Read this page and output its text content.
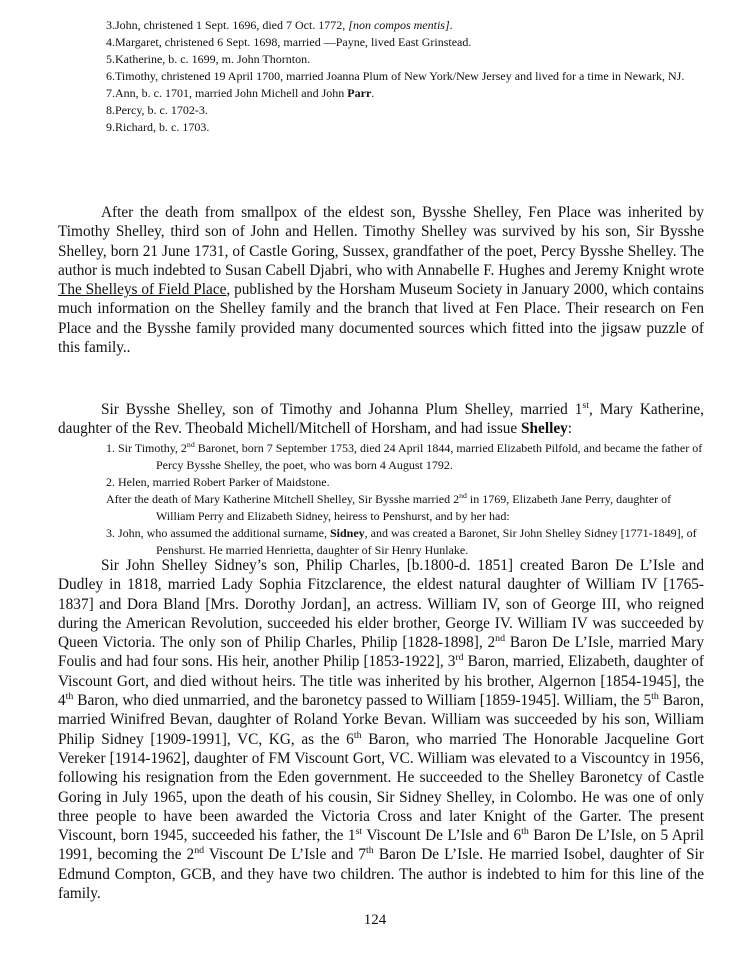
3.John, christened 1 Sept. 1696, died 7 Oct. 1772, [non compos mentis].

4.Margaret, christened 6 Sept. 1698, married —Payne, lived East Grinstead.

5.Katherine, b. c. 1699, m. John Thornton.

6.Timothy, christened 19 April 1700, married Joanna Plum of New York/New Jersey and lived for a time in Newark, NJ.

7.Ann, b. c. 1701, married John Michell and John Parr.

8.Percy, b. c. 1702-3.

9.Richard, b. c. 1703.

After the death from smallpox of the eldest son, Bysshe Shelley, Fen Place was inherited by Timothy Shelley, third son of John and Hellen. Timothy Shelley was survived by his son, Sir Bysshe Shelley, born 21 June 1731, of Castle Goring, Sussex, grandfather of the poet, Percy Bysshe Shelley. The author is much indebted to Susan Cabell Djabri, who with Annabelle F. Hughes and Jeremy Knight wrote The Shelleys of Field Place, published by the Horsham Museum Society in January 2000, which contains much information on the Shelley family and the branch that lived at Fen Place. Their research on Fen Place and the Bysshe family provided many documented sources which fitted into the jigsaw puzzle of this family..

Sir Bysshe Shelley, son of Timothy and Johanna Plum Shelley, married 1st, Mary Katherine, daughter of the Rev. Theobald Michell/Mitchell of Horsham, and had issue Shelley:

1. Sir Timothy, 2nd Baronet, born 7 September 1753, died 24 April 1844, married Elizabeth Pilfold, and became the father of Percy Bysshe Shelley, the poet, who was born 4 August 1792.

2. Helen, married Robert Parker of Maidstone.

After the death of Mary Katherine Mitchell Shelley, Sir Bysshe married 2nd in 1769, Elizabeth Jane Perry, daughter of William Perry and Elizabeth Sidney, heiress to Penshurst, and by her had:

3. John, who assumed the additional surname, Sidney, and was created a Baronet, Sir John Shelley Sidney [1771-1849], of Penshurst. He married Henrietta, daughter of Sir Henry Hunlake.

Sir John Shelley Sidney’s son, Philip Charles, [b.1800-d. 1851] created Baron De L’Isle and Dudley in 1818, married Lady Sophia Fitzclarence, the eldest natural daughter of William IV [1765-1837] and Dora Bland [Mrs. Dorothy Jordan], an actress. William IV, son of George III, who reigned during the American Revolution, succeeded his elder brother, George IV. William IV was succeeded by Queen Victoria. The only son of Philip Charles, Philip [1828-1898], 2nd Baron De L’Isle, married Mary Foulis and had four sons. His heir, another Philip [1853-1922], 3rd Baron, married, Elizabeth, daughter of Viscount Gort, and died without heirs. The title was inherited by his brother, Algernon [1854-1945], the 4th Baron, who died unmarried, and the baronetcy passed to William [1859-1945]. William, the 5th Baron, married Winifred Bevan, daughter of Roland Yorke Bevan. William was succeeded by his son, William Philip Sidney [1909-1991], VC, KG, as the 6th Baron, who married The Honorable Jacqueline Gort Vereker [1914-1962], daughter of FM Viscount Gort, VC. William was elevated to a Viscountcy in 1956, following his resignation from the Eden government. He succeeded to the Shelley Baronetcy of Castle Goring in July 1965, upon the death of his cousin, Sir Sidney Shelley, in Colombo. He was one of only three people to have been awarded the Victoria Cross and later Knight of the Garter. The present Viscount, born 1945, succeeded his father, the 1st Viscount De L’Isle and 6th Baron De L’Isle, on 5 April 1991, becoming the 2nd Viscount De L’Isle and 7th Baron De L’Isle. He married Isobel, daughter of Sir Edmund Compton, GCB, and they have two children. The author is indebted to him for this line of the family.

124
